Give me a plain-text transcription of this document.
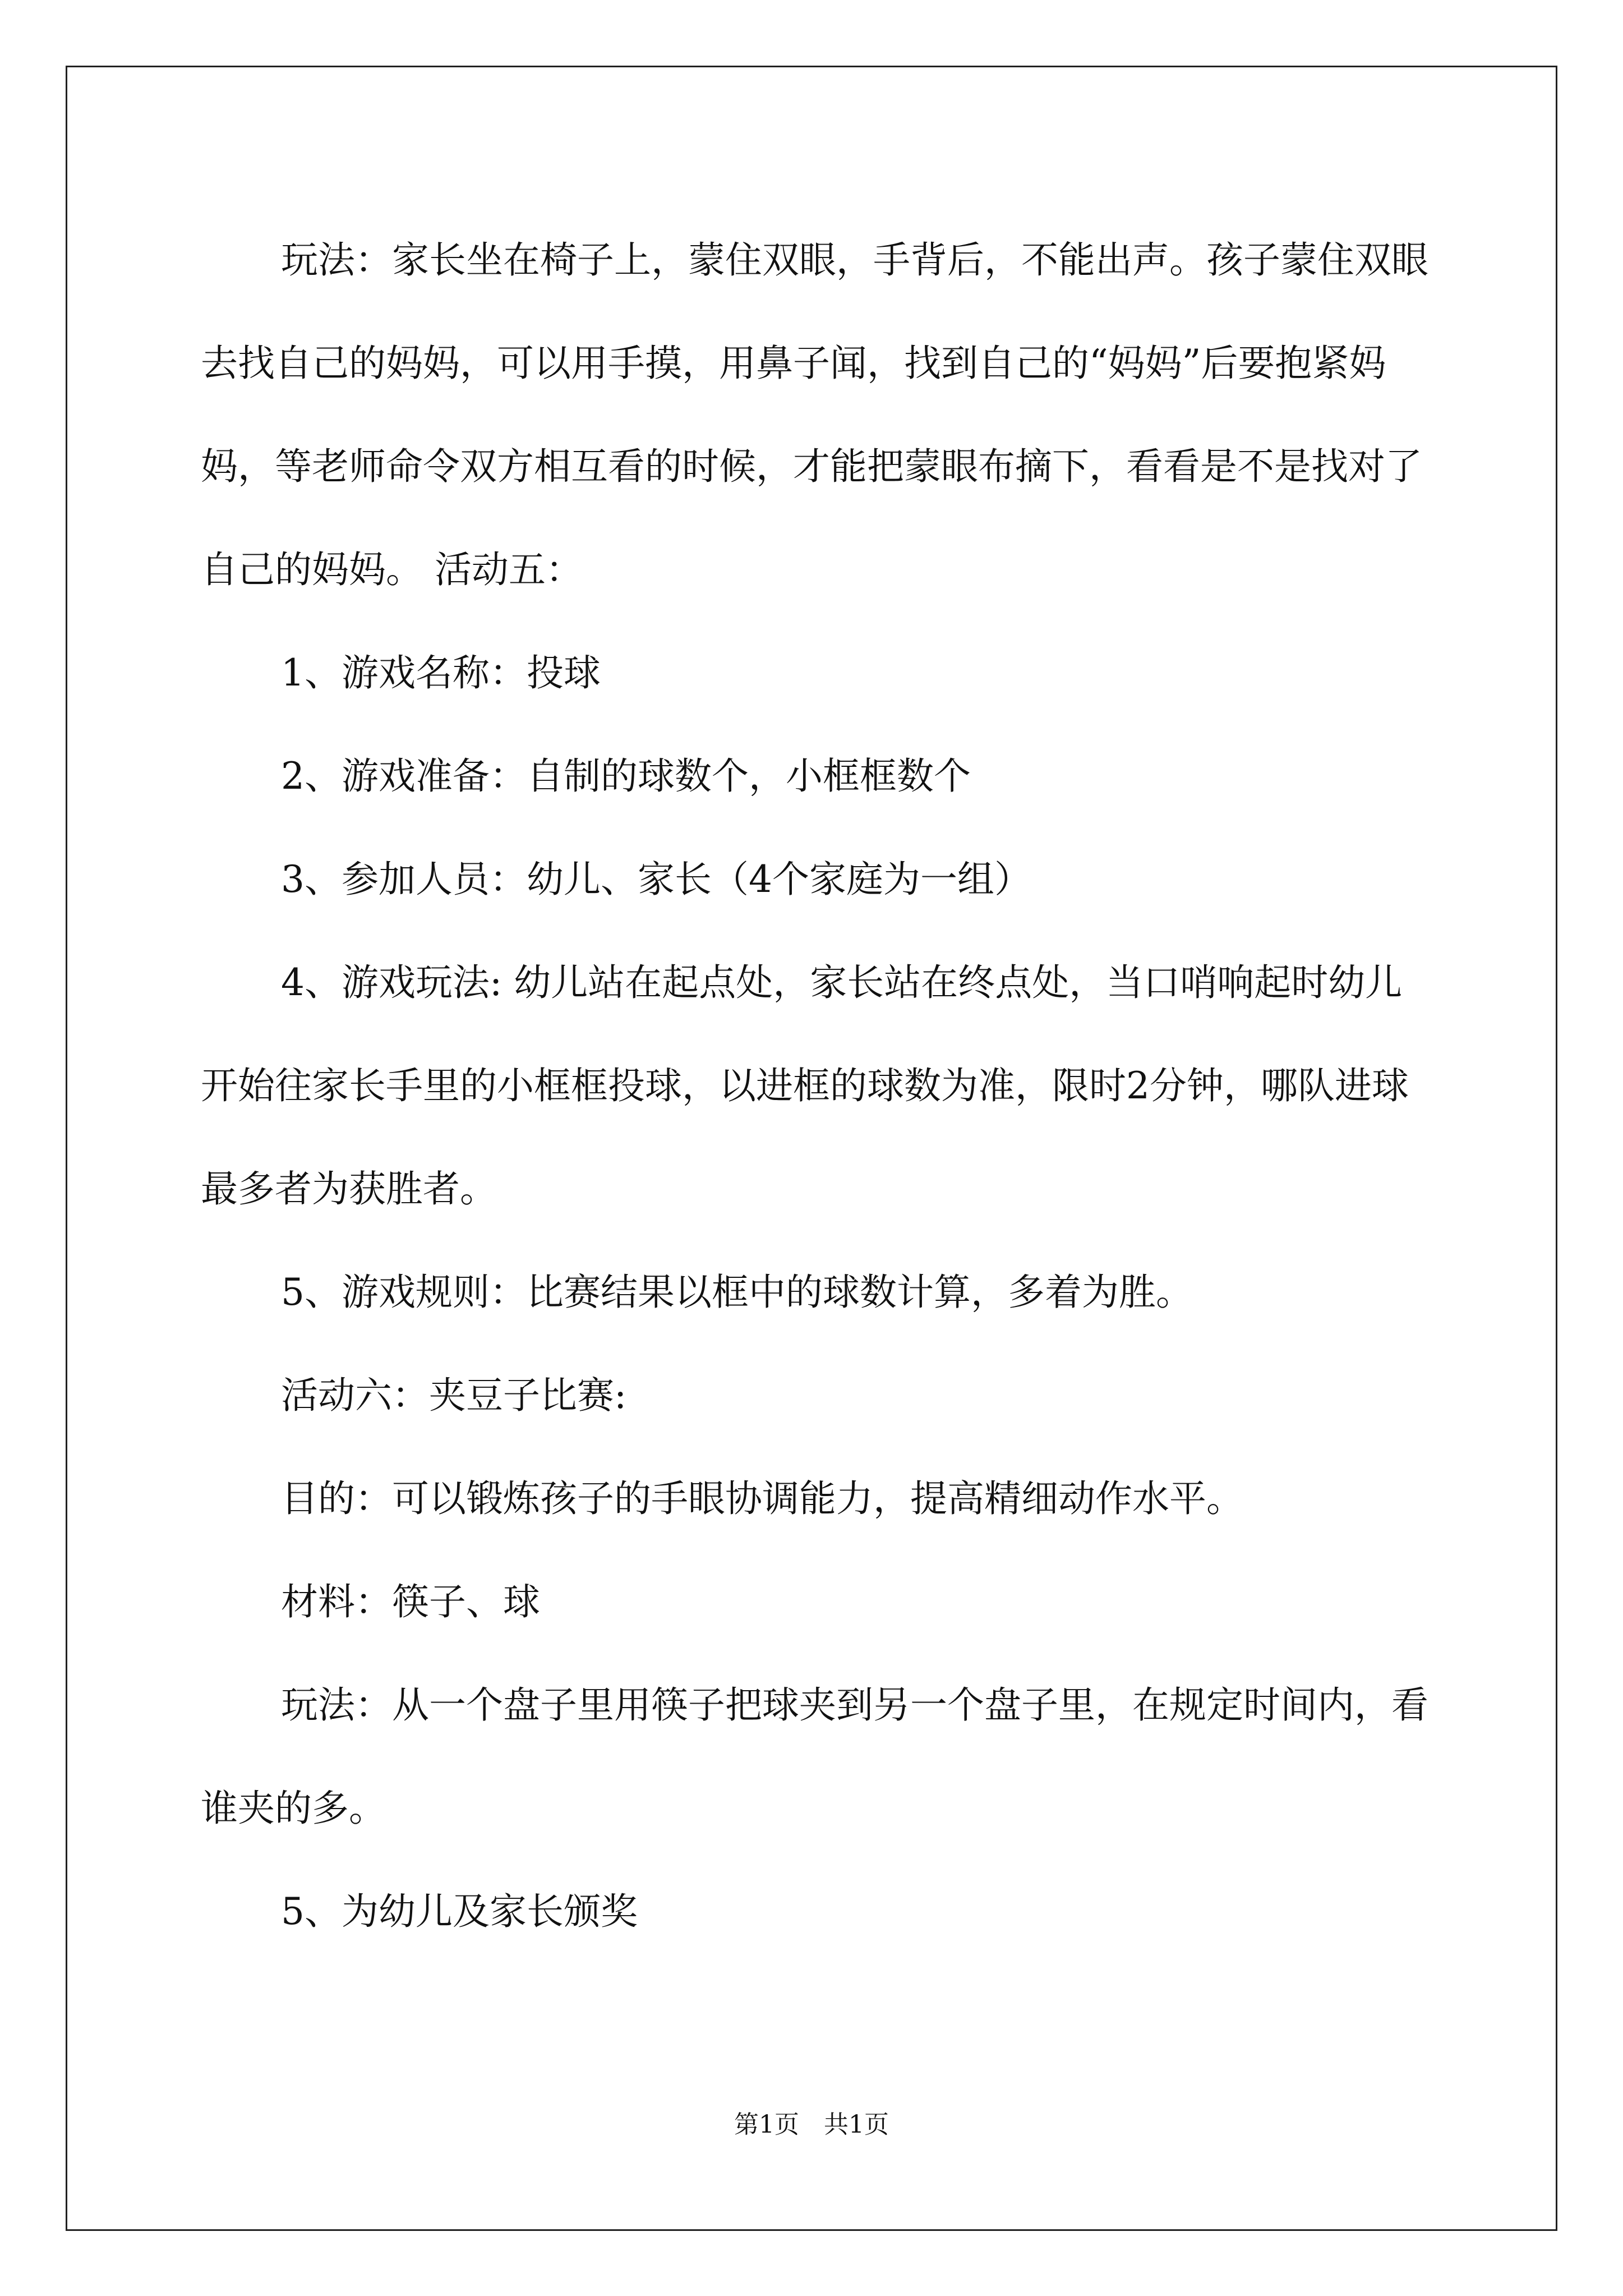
玩法：家长坐在椅子上，蒙住双眼，手背后，不能出声。孩子蒙住双眼去找自己的妈妈，可以用手摸，用鼻子闻，找到自己的“妈妈”后要抱紧妈妈，等老师命令双方相互看的时候，才能把蒙眼布摘下，看看是不是找对了自己的妈妈。 活动五：

1、游戏名称：投球

2、游戏准备：自制的球数个，小框框数个

3、参加人员：幼儿、家长（4个家庭为一组）

4、游戏玩法: 幼儿站在起点处，家长站在终点处，当口哨响起时幼儿开始往家长手里的小框框投球，以进框的球数为准，限时2分钟，哪队进球最多者为获胜者。

5、游戏规则：比赛结果以框中的球数计算，多着为胜。

活动六：夹豆子比赛:

目的：可以锻炼孩子的手眼协调能力，提高精细动作水平。

材料：筷子、球

玩法：从一个盘子里用筷子把球夹到另一个盘子里，在规定时间内，看谁夹的多。

5、为幼儿及家长颁奖

第1页　共1页
